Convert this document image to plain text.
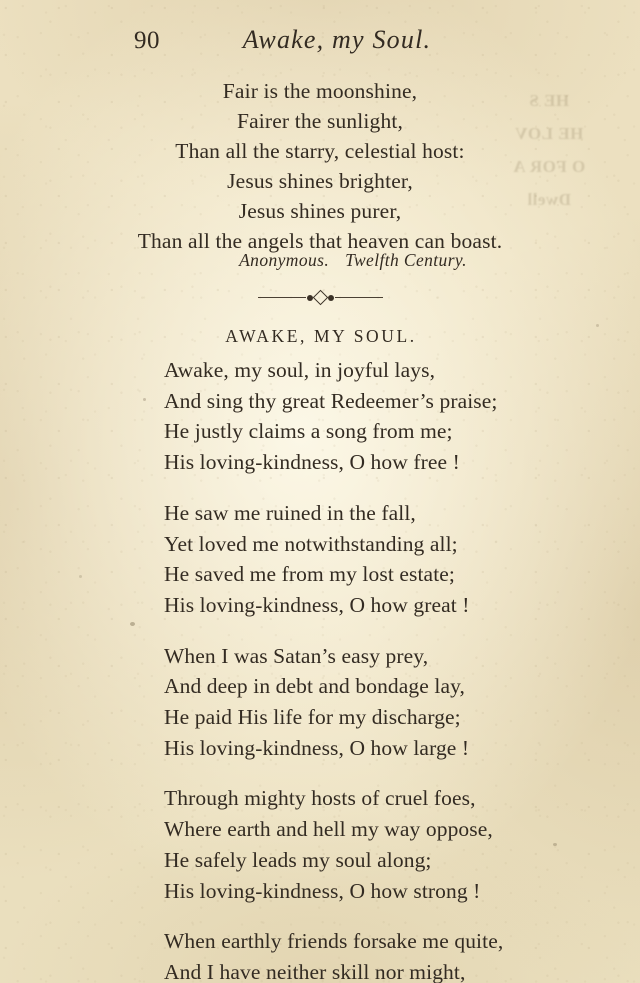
HE S
HE LOV
O FOR A
Dwell
90	Awake, my Soul.
Fair is the moonshine,
Fairer the sunlight,
Than all the starry, celestial host:
Jesus shines brighter,
Jesus shines purer,
Than all the angels that heaven can boast.
Anonymous. Twelfth Century.
AWAKE, MY SOUL.
Awake, my soul, in joyful lays,
And sing thy great Redeemer’s praise;
He justly claims a song from me;
His loving-kindness, O how free !
He saw me ruined in the fall,
Yet loved me notwithstanding all;
He saved me from my lost estate;
His loving-kindness, O how great !
When I was Satan’s easy prey,
And deep in debt and bondage lay,
He paid His life for my discharge;
His loving-kindness, O how large !
Through mighty hosts of cruel foes,
Where earth and hell my way oppose,
He safely leads my soul along;
His loving-kindness, O how strong !
When earthly friends forsake me quite,
And I have neither skill nor might,
